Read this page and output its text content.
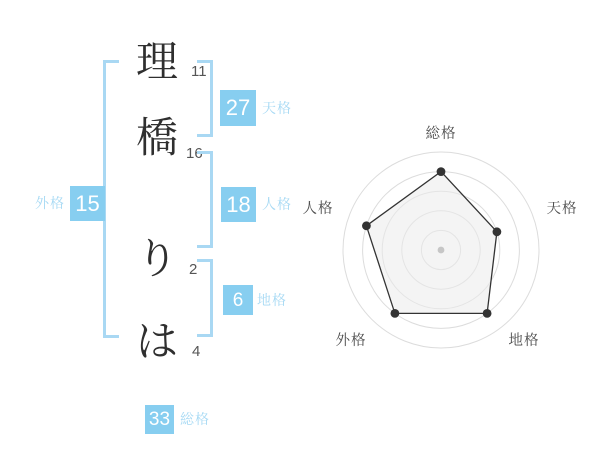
理 11
橋 16
り 2
は 4
外格 15
27 天格
18 人格
6 地格
33 総格
総格
天格
地格
外格
人格
